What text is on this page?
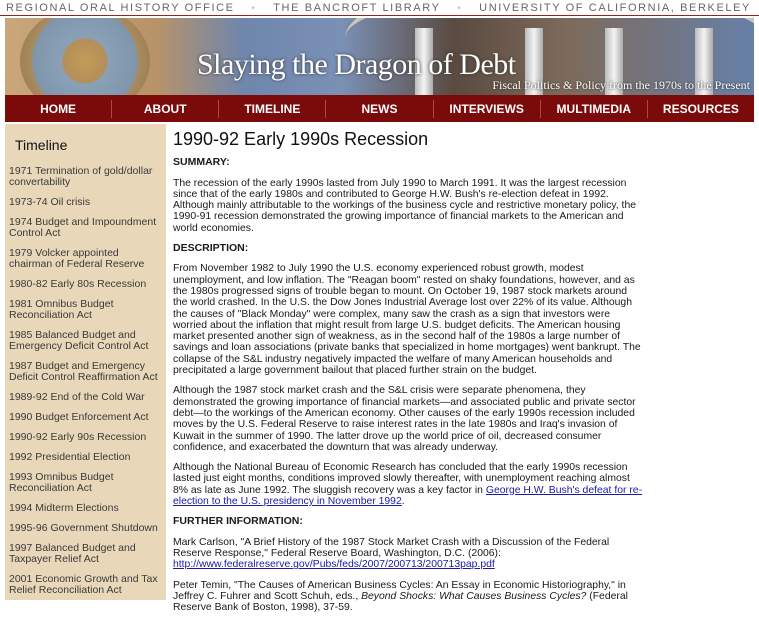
REGIONAL ORAL HISTORY OFFICE • THE BANCROFT LIBRARY • UNIVERSITY OF CALIFORNIA, BERKELEY
Slaying the Dragon of Debt
Fiscal Politics & Policy from the 1970s to the Present
HOME	ABOUT	TIMELINE	NEWS	INTERVIEWS	MULTIMEDIA	RESOURCES
Timeline
1971 Termination of gold/dollar convertability
1973-74 Oil crisis
1974 Budget and Impoundment Control Act
1979 Volcker appointed chairman of Federal Reserve
1980-82 Early 80s Recession
1981 Omnibus Budget Reconciliation Act
1985 Balanced Budget and Emergency Deficit Control Act
1987 Budget and Emergency Deficit Control Reaffirmation Act
1989-92 End of the Cold War
1990 Budget Enforcement Act
1990-92 Early 90s Recession
1992 Presidential Election
1993 Omnibus Budget Reconciliation Act
1994 Midterm Elections
1995-96 Government Shutdown
1997 Balanced Budget and Taxpayer Relief Act
2001 Economic Growth and Tax Relief Reconciliation Act
1990-92 Early 1990s Recession
SUMMARY:

The recession of the early 1990s lasted from July 1990 to March 1991. It was the largest recession since that of the early 1980s and contributed to George H.W. Bush's re-election defeat in 1992. Although mainly attributable to the workings of the business cycle and restrictive monetary policy, the 1990-91 recession demonstrated the growing importance of financial markets to the American and world economies.

DESCRIPTION:

From November 1982 to July 1990 the U.S. economy experienced robust growth, modest unemployment, and low inflation. The "Reagan boom" rested on shaky foundations, however, and as the 1980s progressed signs of trouble began to mount. On October 19, 1987 stock markets around the world crashed. In the U.S. the Dow Jones Industrial Average lost over 22% of its value. Although the causes of "Black Monday" were complex, many saw the crash as a sign that investors were worried about the inflation that might result from large U.S. budget deficits. The American housing market presented another sign of weakness, as in the second half of the 1980s a large number of savings and loan associations (private banks that specialized in home mortgages) went bankrupt. The collapse of the S&L industry negatively impacted the welfare of many American households and precipitated a large government bailout that placed further strain on the budget.

Although the 1987 stock market crash and the S&L crisis were separate phenomena, they demonstrated the growing importance of financial markets—and associated public and private sector debt—to the workings of the American economy. Other causes of the early 1990s recession included moves by the U.S. Federal Reserve to raise interest rates in the late 1980s and Iraq's invasion of Kuwait in the summer of 1990. The latter drove up the world price of oil, decreased consumer confidence, and exacerbated the downturn that was already underway.

Although the National Bureau of Economic Research has concluded that the early 1990s recession lasted just eight months, conditions improved slowly thereafter, with unemployment reaching almost 8% as late as June 1992. The sluggish recovery was a key factor in George H.W. Bush's defeat for re-election to the U.S. presidency in November 1992.

FURTHER INFORMATION:

Mark Carlson, "A Brief History of the 1987 Stock Market Crash with a Discussion of the Federal Reserve Response," Federal Reserve Board, Washington, D.C. (2006): http://www.federalreserve.gov/Pubs/feds/2007/200713/200713pap.pdf

Peter Temin, "The Causes of American Business Cycles: An Essay in Economic Historiography," in Jeffrey C. Fuhrer and Scott Schuh, eds., Beyond Shocks: What Causes Business Cycles? (Federal Reserve Bank of Boston, 1998), 37-59.
